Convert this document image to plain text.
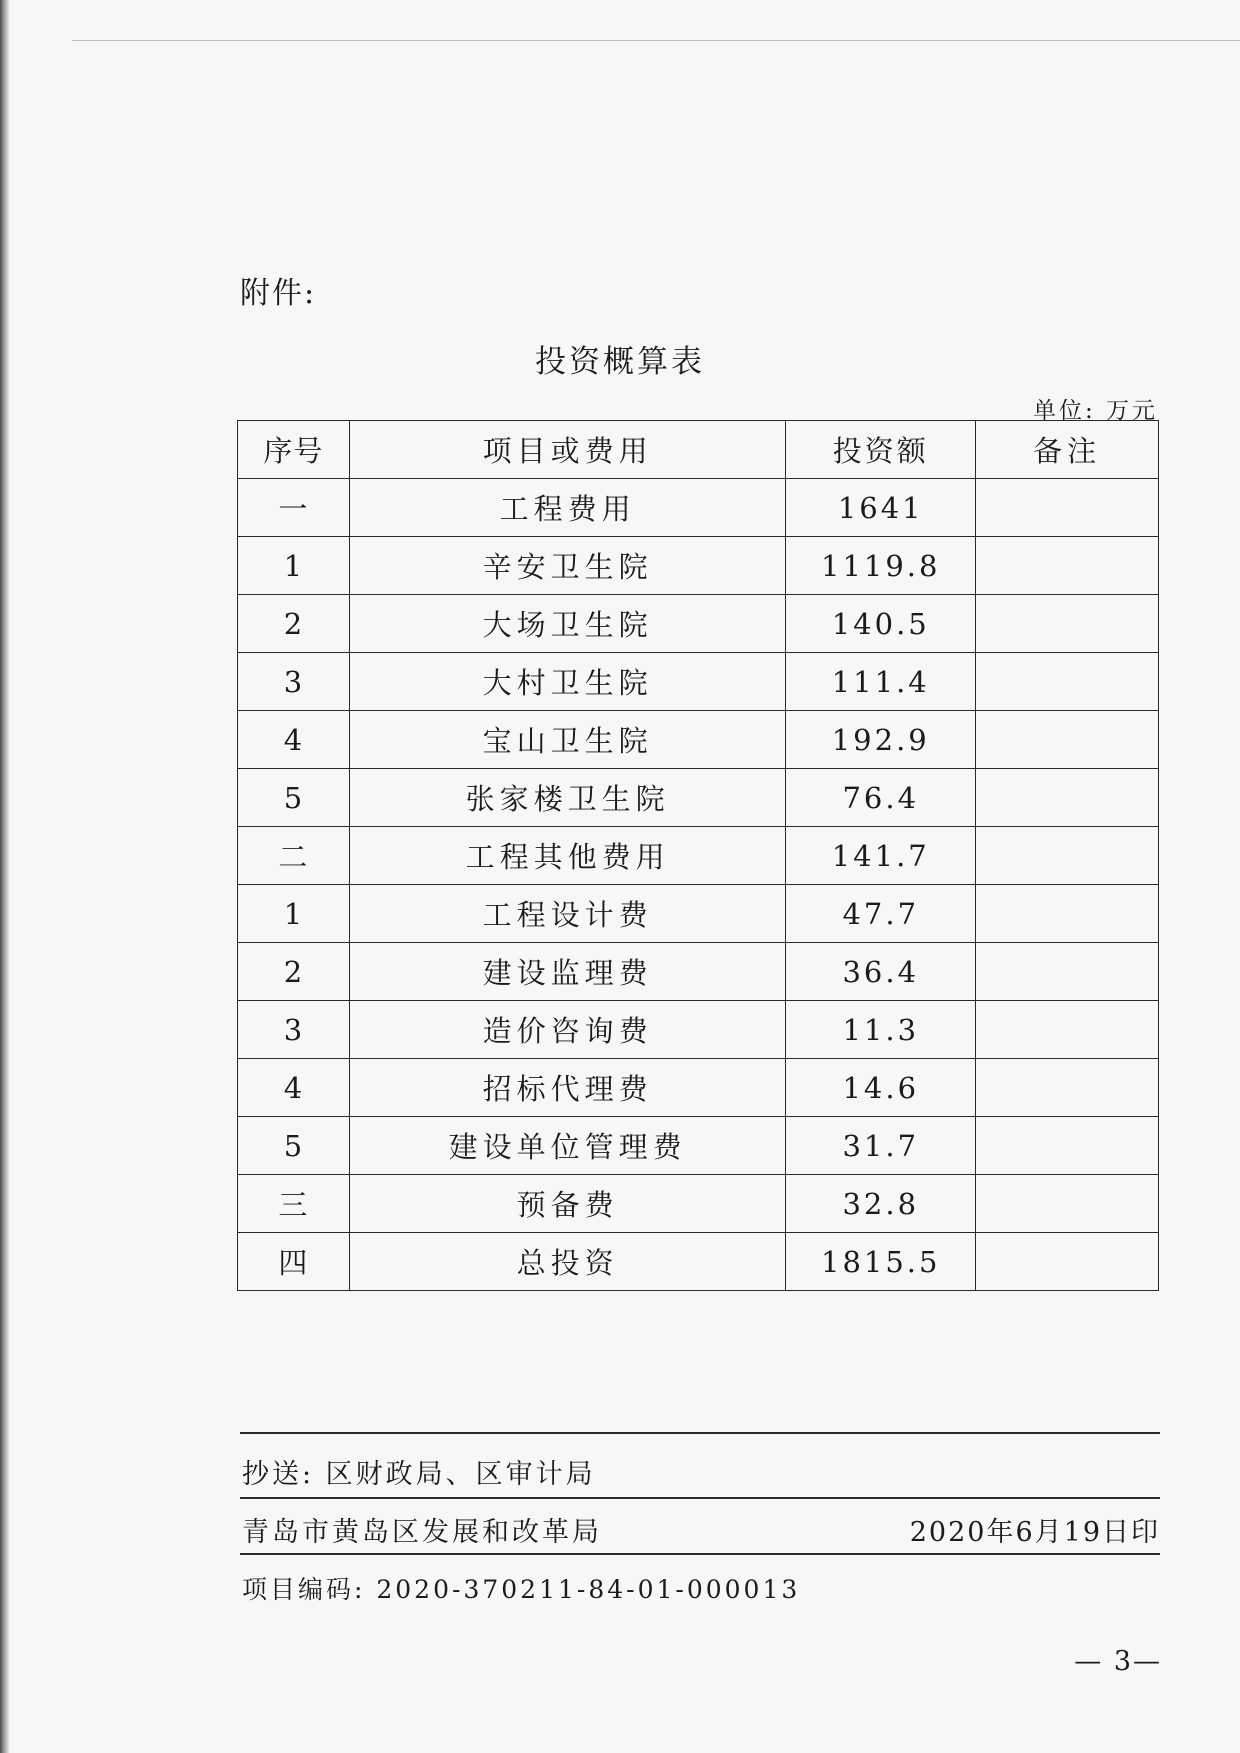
附件:
投资概算表
单位: 万元
序号	项目或费用	投资额	备注
一	工程费用	1641	
1	辛安卫生院	1119.8	
2	大场卫生院	140.5	
3	大村卫生院	111.4	
4	宝山卫生院	192.9	
5	张家楼卫生院	76.4	
二	工程其他费用	141.7	
1	工程设计费	47.7	
2	建设监理费	36.4	
3	造价咨询费	11.3	
4	招标代理费	14.6	
5	建设单位管理费	31.7	
三	预备费	32.8	
四	总投资	1815.5	
抄送: 区财政局、区审计局
青岛市黄岛区发展和改革局	2020年6月19日印
项目编码: 2020-370211-84-01-000013
— 3—
